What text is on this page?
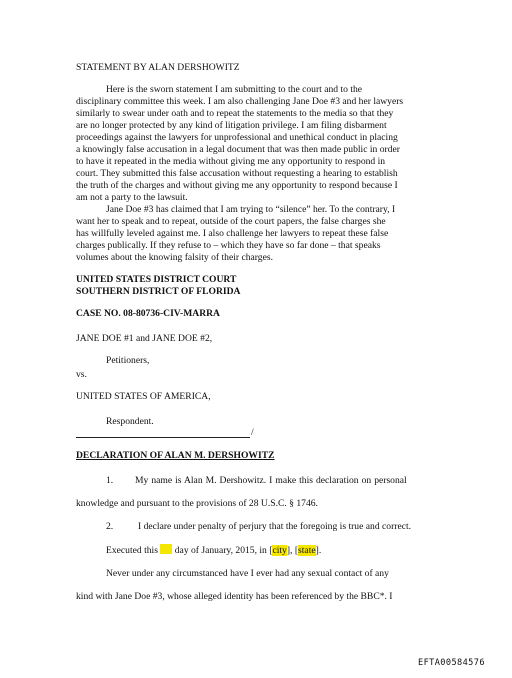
STATEMENT BY ALAN DERSHOWITZ
Here is the sworn statement I am submitting to the court and to the
disciplinary committee this week. I am also challenging Jane Doe #3 and her lawyers
similarly to swear under oath and to repeat the statements to the media so that they
are no longer protected by any kind of litigation privilege. I am filing disbarment
proceedings against the lawyers for unprofessional and unethical conduct in placing
a knowingly false accusation in a legal document that was then made public in order
to have it repeated in the media without giving me any opportunity to respond in
court. They submitted this false accusation without requesting a hearing to establish
the truth of the charges and without giving me any opportunity to respond because I
am not a party to the lawsuit.
Jane Doe #3 has claimed that I am trying to “silence” her. To the contrary, I
want her to speak and to repeat, outside of the court papers, the false charges she
has willfully leveled against me. I also challenge her lawyers to repeat these false
charges publically. If they refuse to – which they have so far done – that speaks
volumes about the knowing falsity of their charges.
UNITED STATES DISTRICT COURT
SOUTHERN DISTRICT OF FLORIDA
CASE NO. 08-80736-CIV-MARRA
JANE DOE #1 and JANE DOE #2,
Petitioners,
vs.
UNITED STATES OF AMERICA,
Respondent.
/
DECLARATION OF ALAN M. DERSHOWITZ
1. My name is Alan M. Dershowitz. I make this declaration on personal
knowledge and pursuant to the provisions of 28 U.S.C. § 1746.
2.	I declare under penalty of perjury that the foregoing is true and correct.
Executed this  day of January, 2015, in [city], [state].
Never under any circumstanced have I ever had any sexual contact of any
kind with Jane Doe #3, whose alleged identity has been referenced by the BBC*. I
EFTA00584576
